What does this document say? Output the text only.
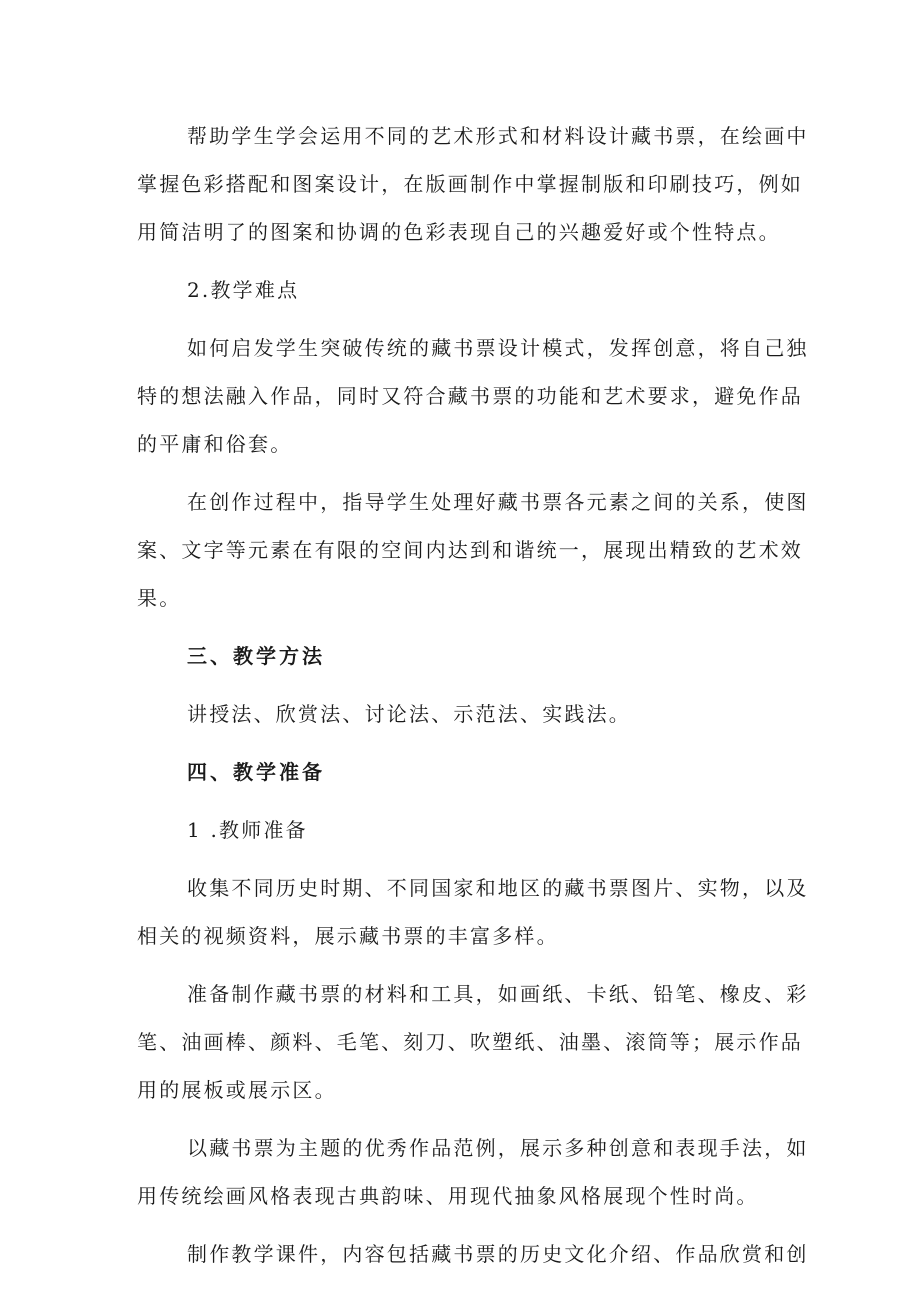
帮助学生学会运用不同的艺术形式和材料设计藏书票，在绘画中
掌握色彩搭配和图案设计，在版画制作中掌握制版和印刷技巧，例如
用简洁明了的图案和协调的色彩表现自己的兴趣爱好或个性特点。
2.教学难点
如何启发学生突破传统的藏书票设计模式，发挥创意，将自己独
特的想法融入作品，同时又符合藏书票的功能和艺术要求，避免作品
的平庸和俗套。
在创作过程中，指导学生处理好藏书票各元素之间的关系，使图
案、文字等元素在有限的空间内达到和谐统一，展现出精致的艺术效
果。
三、教学方法
讲授法、欣赏法、讨论法、示范法、实践法。
四、教学准备
1 .教师准备
收集不同历史时期、不同国家和地区的藏书票图片、实物，以及
相关的视频资料，展示藏书票的丰富多样。
准备制作藏书票的材料和工具，如画纸、卡纸、铅笔、橡皮、彩
笔、油画棒、颜料、毛笔、刻刀、吹塑纸、油墨、滚筒等；展示作品
用的展板或展示区。
以藏书票为主题的优秀作品范例，展示多种创意和表现手法，如
用传统绘画风格表现古典韵味、用现代抽象风格展现个性时尚。
制作教学课件，内容包括藏书票的历史文化介绍、作品欣赏和创
